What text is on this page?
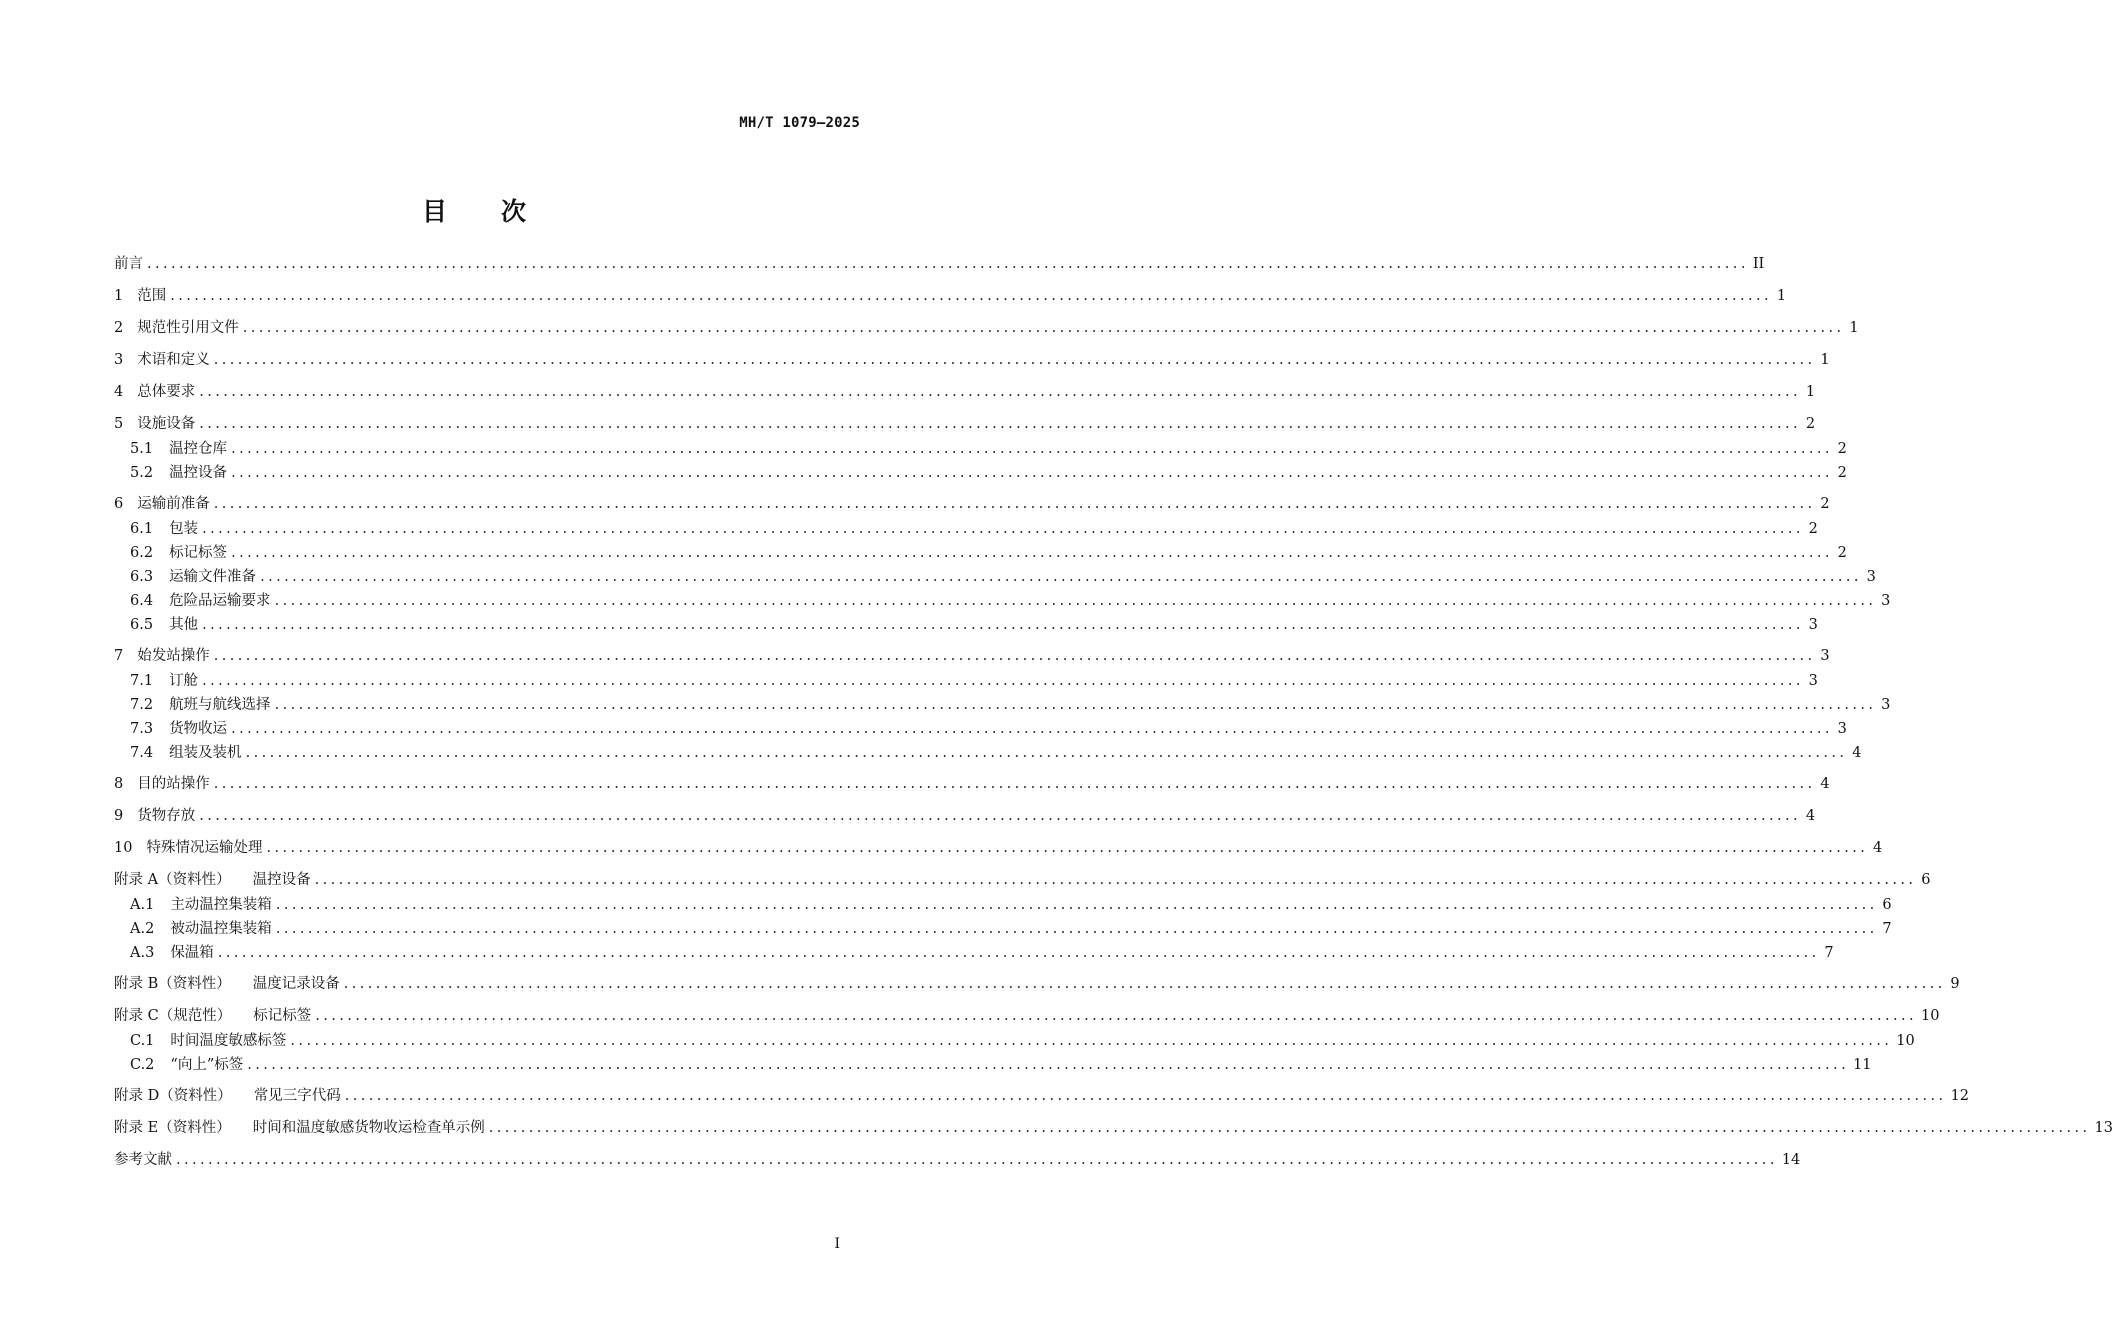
MH/T 1079—2025
目 次
前言 ........................................................................................................................................................................................................ II
1 范围 ........................................................................................................................................................................................................ 1
2 规范性引用文件 ........................................................................................................................................................................................................ 1
3 术语和定义 ........................................................................................................................................................................................................ 1
4 总体要求 ........................................................................................................................................................................................................ 1
5 设施设备 ........................................................................................................................................................................................................ 2
5.1 温控仓库 ........................................................................................................................................................................................................ 2
5.2 温控设备 ........................................................................................................................................................................................................ 2
6 运输前准备 ........................................................................................................................................................................................................ 2
6.1 包装 ........................................................................................................................................................................................................ 2
6.2 标记标签 ........................................................................................................................................................................................................ 2
6.3 运输文件准备 ........................................................................................................................................................................................................ 3
6.4 危险品运输要求 ........................................................................................................................................................................................................ 3
6.5 其他 ........................................................................................................................................................................................................ 3
7 始发站操作 ........................................................................................................................................................................................................ 3
7.1 订舱 ........................................................................................................................................................................................................ 3
7.2 航班与航线选择 ........................................................................................................................................................................................................ 3
7.3 货物收运 ........................................................................................................................................................................................................ 3
7.4 组装及装机 ........................................................................................................................................................................................................ 4
8 目的站操作 ........................................................................................................................................................................................................ 4
9 货物存放 ........................................................................................................................................................................................................ 4
10 特殊情况运输处理 ........................................................................................................................................................................................................ 4
附录 A（资料性） 温控设备 ........................................................................................................................................................................................................ 6
A.1 主动温控集装箱 ........................................................................................................................................................................................................ 6
A.2 被动温控集装箱 ........................................................................................................................................................................................................ 7
A.3 保温箱 ........................................................................................................................................................................................................ 7
附录 B（资料性） 温度记录设备 ........................................................................................................................................................................................................ 9
附录 C（规范性） 标记标签 ........................................................................................................................................................................................................ 10
C.1 时间温度敏感标签 ........................................................................................................................................................................................................ 10
C.2 “向上”标签 ........................................................................................................................................................................................................ 11
附录 D（资料性） 常见三字代码 ........................................................................................................................................................................................................ 12
附录 E（资料性） 时间和温度敏感货物收运检查单示例 ........................................................................................................................................................................................................ 13
参考文献 ........................................................................................................................................................................................................ 14
I
